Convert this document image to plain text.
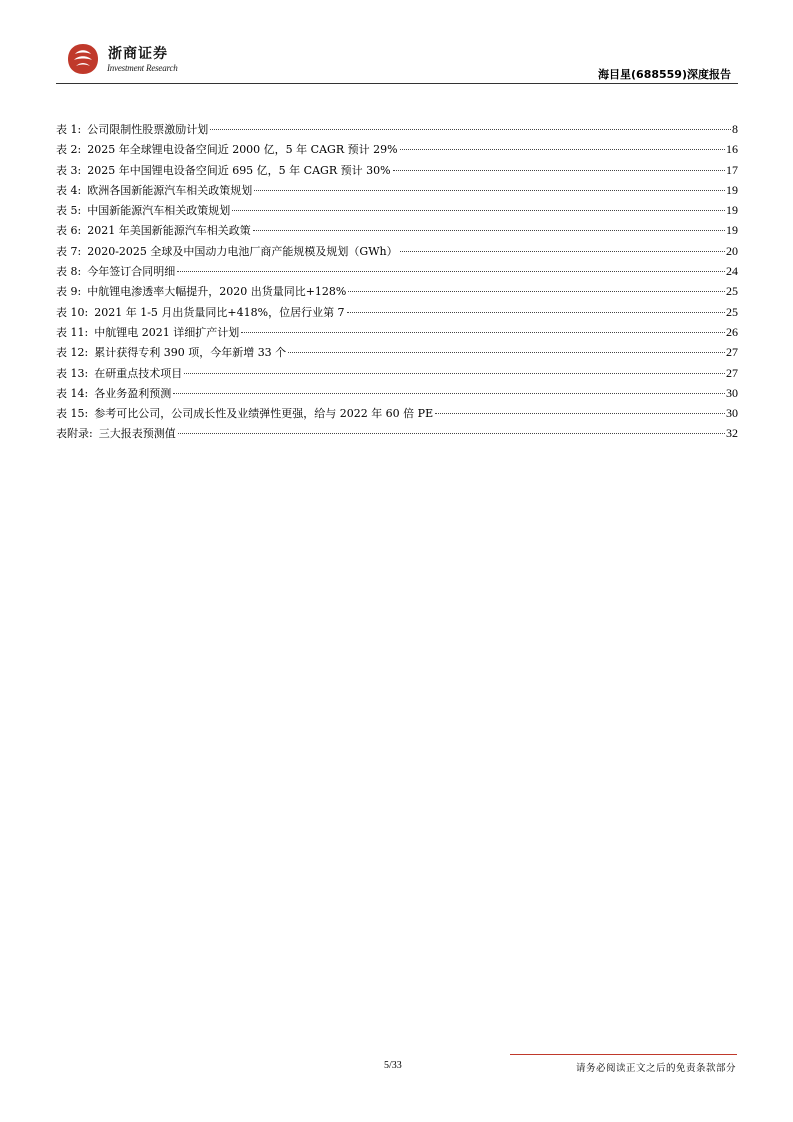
浙商证券
Investment Research	海目星(688559)深度报告
表 1: 公司限制性股票激励计划	8
表 2: 2025 年全球锂电设备空间近 2000 亿，5 年 CAGR 预计 29%	16
表 3: 2025 年中国锂电设备空间近 695 亿，5 年 CAGR 预计 30%	17
表 4: 欧洲各国新能源汽车相关政策规划	19
表 5: 中国新能源汽车相关政策规划	19
表 6: 2021 年美国新能源汽车相关政策	19
表 7: 2020-2025 全球及中国动力电池厂商产能规模及规划（GWh）	20
表 8: 今年签订合同明细	24
表 9: 中航锂电渗透率大幅提升，2020 出货量同比+128%	25
表 10: 2021 年 1-5 月出货量同比+418%，位居行业第 7	25
表 11: 中航锂电 2021 详细扩产计划	26
表 12: 累计获得专利 390 项，今年新增 33 个	27
表 13: 在研重点技术项目	27
表 14: 各业务盈利预测	30
表 15: 参考可比公司，公司成长性及业绩弹性更强，给与 2022 年 60 倍 PE	30
表附录: 三大报表预测值	32
5/33	请务必阅读正文之后的免责条款部分
